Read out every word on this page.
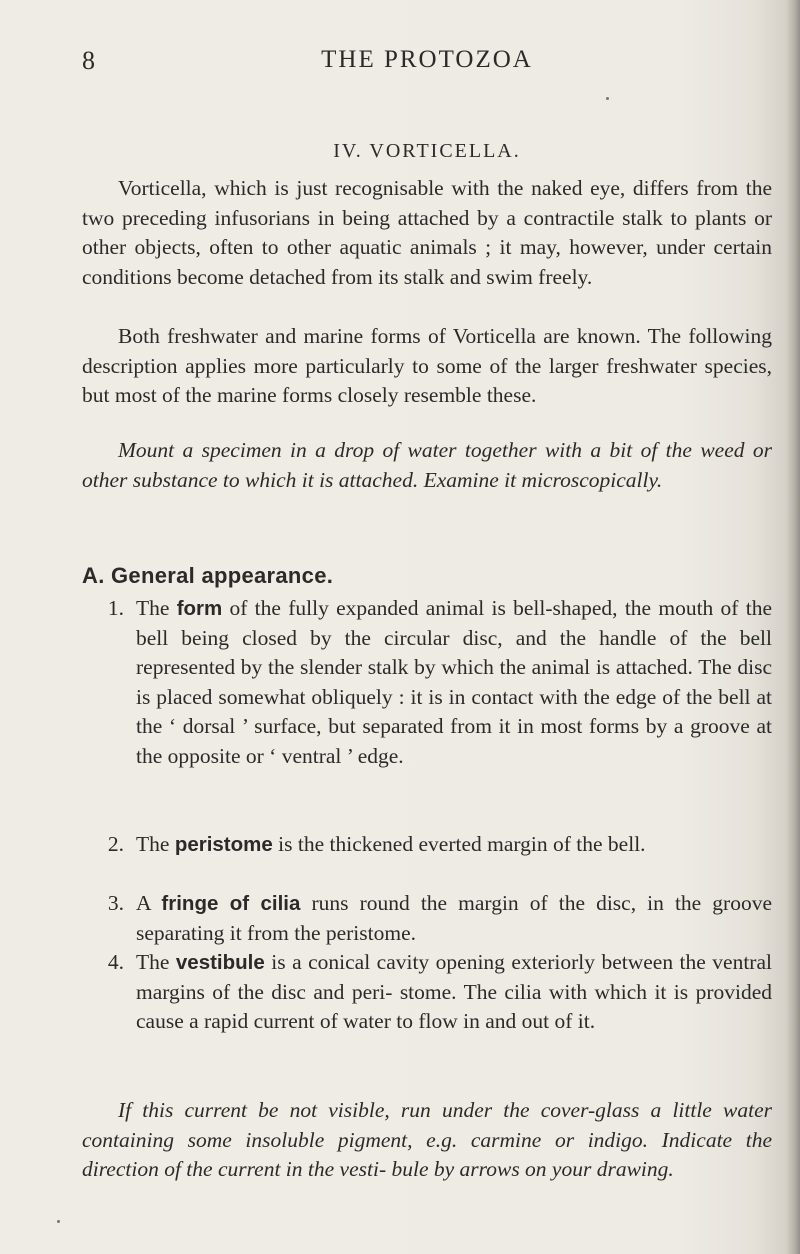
8	THE PROTOZOA
IV. VORTICELLA.

Vorticella, which is just recognisable with the naked eye, differs from the two preceding infusorians in being attached by a contractile stalk to plants or other objects, often to other aquatic animals ; it may, however, under certain conditions become detached from its stalk and swim freely.

Both freshwater and marine forms of Vorticella are known. The following description applies more particularly to some of the larger freshwater species, but most of the marine forms closely resemble these.

Mount a specimen in a drop of water together with a bit of the weed or other substance to which it is attached. Examine it microscopically.

A. General appearance.
1. The form of the fully expanded animal is bell-shaped, the mouth of the bell being closed by the circular disc, and the handle of the bell represented by the slender stalk by which the animal is attached. The disc is placed somewhat obliquely : it is in contact with the edge of the bell at the ‘ dorsal ’ surface, but separated from it in most forms by a groove at the opposite or ‘ ventral ’ edge.
2. The peristome is the thickened everted margin of the bell.
3. A fringe of cilia runs round the margin of the disc, in the groove separating it from the peristome.
4. The vestibule is a conical cavity opening exteriorly between the ventral margins of the disc and peri- stome. The cilia with which it is provided cause a rapid current of water to flow in and out of it.

If this current be not visible, run under the cover-glass a little water containing some insoluble pigment, e.g. carmine or indigo. Indicate the direction of the current in the vesti- bule by arrows on your drawing.
